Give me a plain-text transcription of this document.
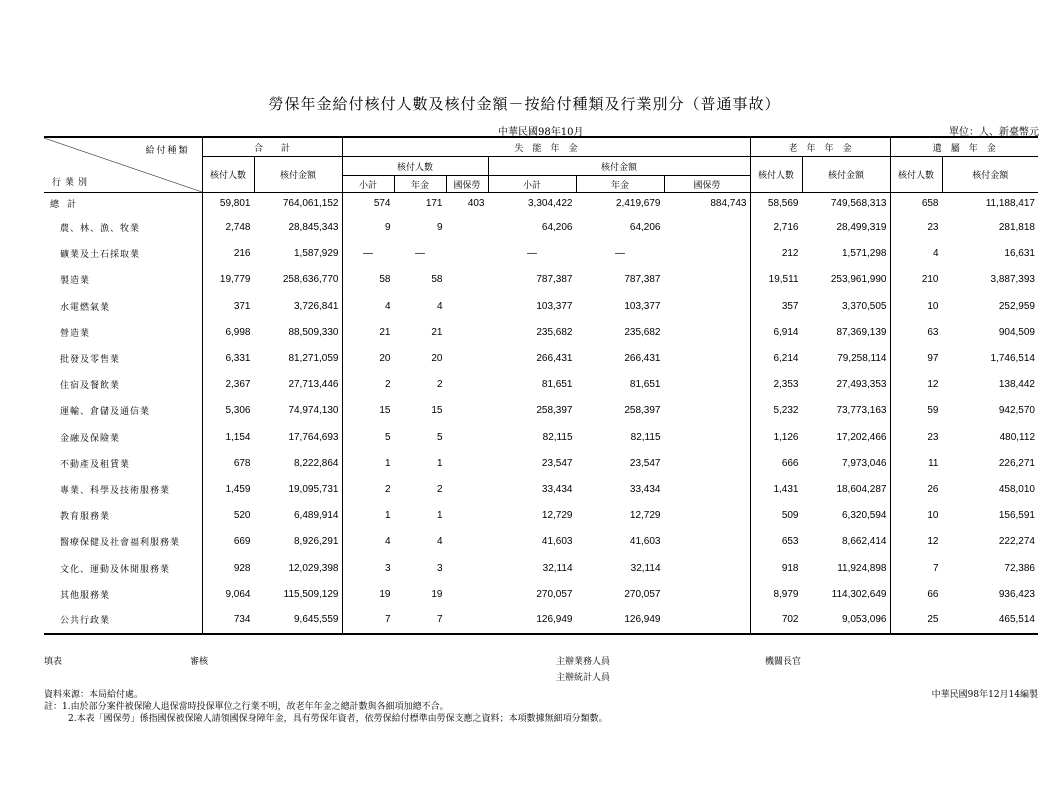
勞保年金給付核付人數及核付金額－按給付種類及行業別分（普通事故）
中華民國98年10月	單位：人、新臺幣元
給付種類
行業別	合　　計		失　能　年　金						老　年　年　金		遺　屬　年　金	
	核付人數	核付金額	核付人數			核付金額			核付人數	核付金額	核付人數	核付金額
			小計	年金	國保勞	小計	年金	國保勞				
總計	59,801	764,061,152	574	171	403	3,304,422	2,419,679	884,743	58,569	749,568,313	658	11,188,417
農、林、漁、牧業	2,748	28,845,343	9	9		64,206	64,206		2,716	28,499,319	23	281,818
礦業及土石採取業	216	1,587,929	—	—		—	—		212	1,571,298	4	16,631
製造業	19,779	258,636,770	58	58		787,387	787,387		19,511	253,961,990	210	3,887,393
水電燃氣業	371	3,726,841	4	4		103,377	103,377		357	3,370,505	10	252,959
營造業	6,998	88,509,330	21	21		235,682	235,682		6,914	87,369,139	63	904,509
批發及零售業	6,331	81,271,059	20	20		266,431	266,431		6,214	79,258,114	97	1,746,514
住宿及餐飲業	2,367	27,713,446	2	2		81,651	81,651		2,353	27,493,353	12	138,442
運輸、倉儲及通信業	5,306	74,974,130	15	15		258,397	258,397		5,232	73,773,163	59	942,570
金融及保險業	1,154	17,764,693	5	5		82,115	82,115		1,126	17,202,466	23	480,112
不動產及租賃業	678	8,222,864	1	1		23,547	23,547		666	7,973,046	11	226,271
專業、科學及技術服務業	1,459	19,095,731	2	2		33,434	33,434		1,431	18,604,287	26	458,010
教育服務業	520	6,489,914	1	1		12,729	12,729		509	6,320,594	10	156,591
醫療保健及社會福利服務業	669	8,926,291	4	4		41,603	41,603		653	8,662,414	12	222,274
文化、運動及休閒服務業	928	12,029,398	3	3		32,114	32,114		918	11,924,898	7	72,386
其他服務業	9,064	115,509,129	19	19		270,057	270,057		8,979	114,302,649	66	936,423
公共行政業	734	9,645,559	7	7		126,949	126,949		702	9,053,096	25	465,514
填表	審核	主辦業務人員	機關長官
主辦統計人員
資料來源：本局給付處。	中華民國98年12月14編製
註：1.由於部分案件被保險人退保當時投保單位之行業不明，故老年年金之總計數與各細項加總不合。
2.本表「國保勞」係指國保被保險人請領國保身障年金，具有勞保年資者，依勞保給付標準由勞保支應之資料；本項數據無細項分類數。
